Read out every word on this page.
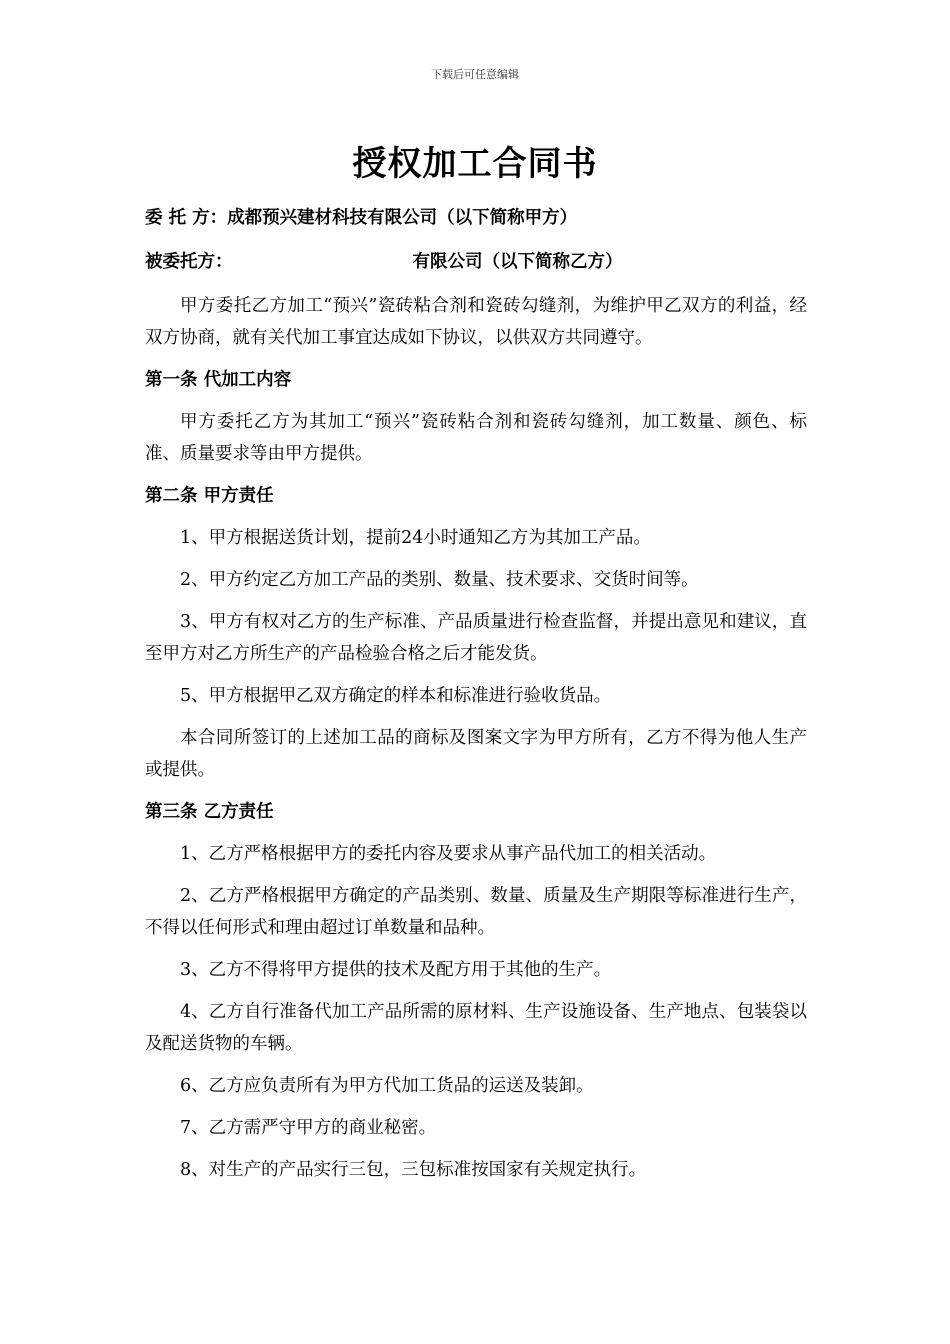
下载后可任意编辑
授权加工合同书

委 托 方： 成都预兴建材科技有限公司（以下简称甲方）

被委托方：	有限公司（以下简称乙方）

甲方委托乙方加工“预兴”瓷砖粘合剂和瓷砖勾缝剂，为维护甲乙双方的利益，经双方协商，就有关代加工事宜达成如下协议，以供双方共同遵守。

第一条 代加工内容

甲方委托乙方为其加工“预兴”瓷砖粘合剂和瓷砖勾缝剂，加工数量、颜色、标准、质量要求等由甲方提供。

第二条 甲方责任

1、甲方根据送货计划，提前24小时通知乙方为其加工产品。

2、甲方约定乙方加工产品的类别、数量、技术要求、交货时间等。

3、甲方有权对乙方的生产标准、产品质量进行检查监督，并提出意见和建议，直至甲方对乙方所生产的产品检验合格之后才能发货。

5、甲方根据甲乙双方确定的样本和标准进行验收货品。

本合同所签订的上述加工品的商标及图案文字为甲方所有，乙方不得为他人生产或提供。

第三条 乙方责任

1、乙方严格根据甲方的委托内容及要求从事产品代加工的相关活动。

2、乙方严格根据甲方确定的产品类别、数量、质量及生产期限等标准进行生产，不得以任何形式和理由超过订单数量和品种。

3、乙方不得将甲方提供的技术及配方用于其他的生产。

4、乙方自行准备代加工产品所需的原材料、生产设施设备、生产地点、包装袋以及配送货物的车辆。

6、乙方应负责所有为甲方代加工货品的运送及装卸。

7、乙方需严守甲方的商业秘密。

8、对生产的产品实行三包，三包标准按国家有关规定执行。
